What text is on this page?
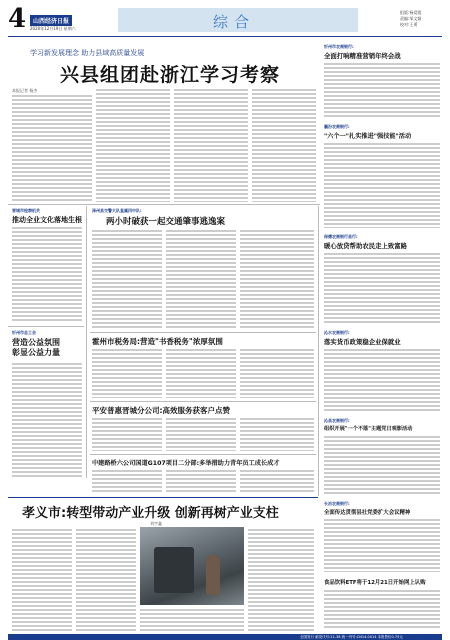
4	山西经济日报
2020年12月19日 星期六	综合
组版:杨爱霞
责编:邹文娟
校对:王勇
学习新发展理念 助力县域高质量发展
兴县组团赴浙江学习考察
本报记者 杨杰
晋城市检察机关
推动全业文化落地生根
忻州市总工会
营造公益氛围
彰显公益力量
泽州县交警大队直属四中队:
两小时破获一起交通肇事逃逸案
霍州市税务局:营造"书香税务"浓厚氛围
平安普惠晋城分公司:高效服务获客户点赞
中建路桥六公司国道G107项目二分部:多举措助力青年员工成长成才
孝义市:转型带动产业升级 创新再树产业支柱
刘宇鑫
忻州市农商银行:
全面打响精准营销年终会战
襄汾农商银行:
"六个一"扎实推进"强技能"活动
保德农商银行县行:
暖心放贷帮助农民走上致富路
沁水农商银行:
落实货币政策稳企业保就业
沁县农商银行:
组织开展"一个不落"主题党日观影活动
长治农商银行:
全面传达贯彻县社党委扩大会议精神
食品饮料ETF将于12月21日开始网上认购
全国发行 邮发代号:21-38 统一刊号:CN14-0014 本报售价0.75元
